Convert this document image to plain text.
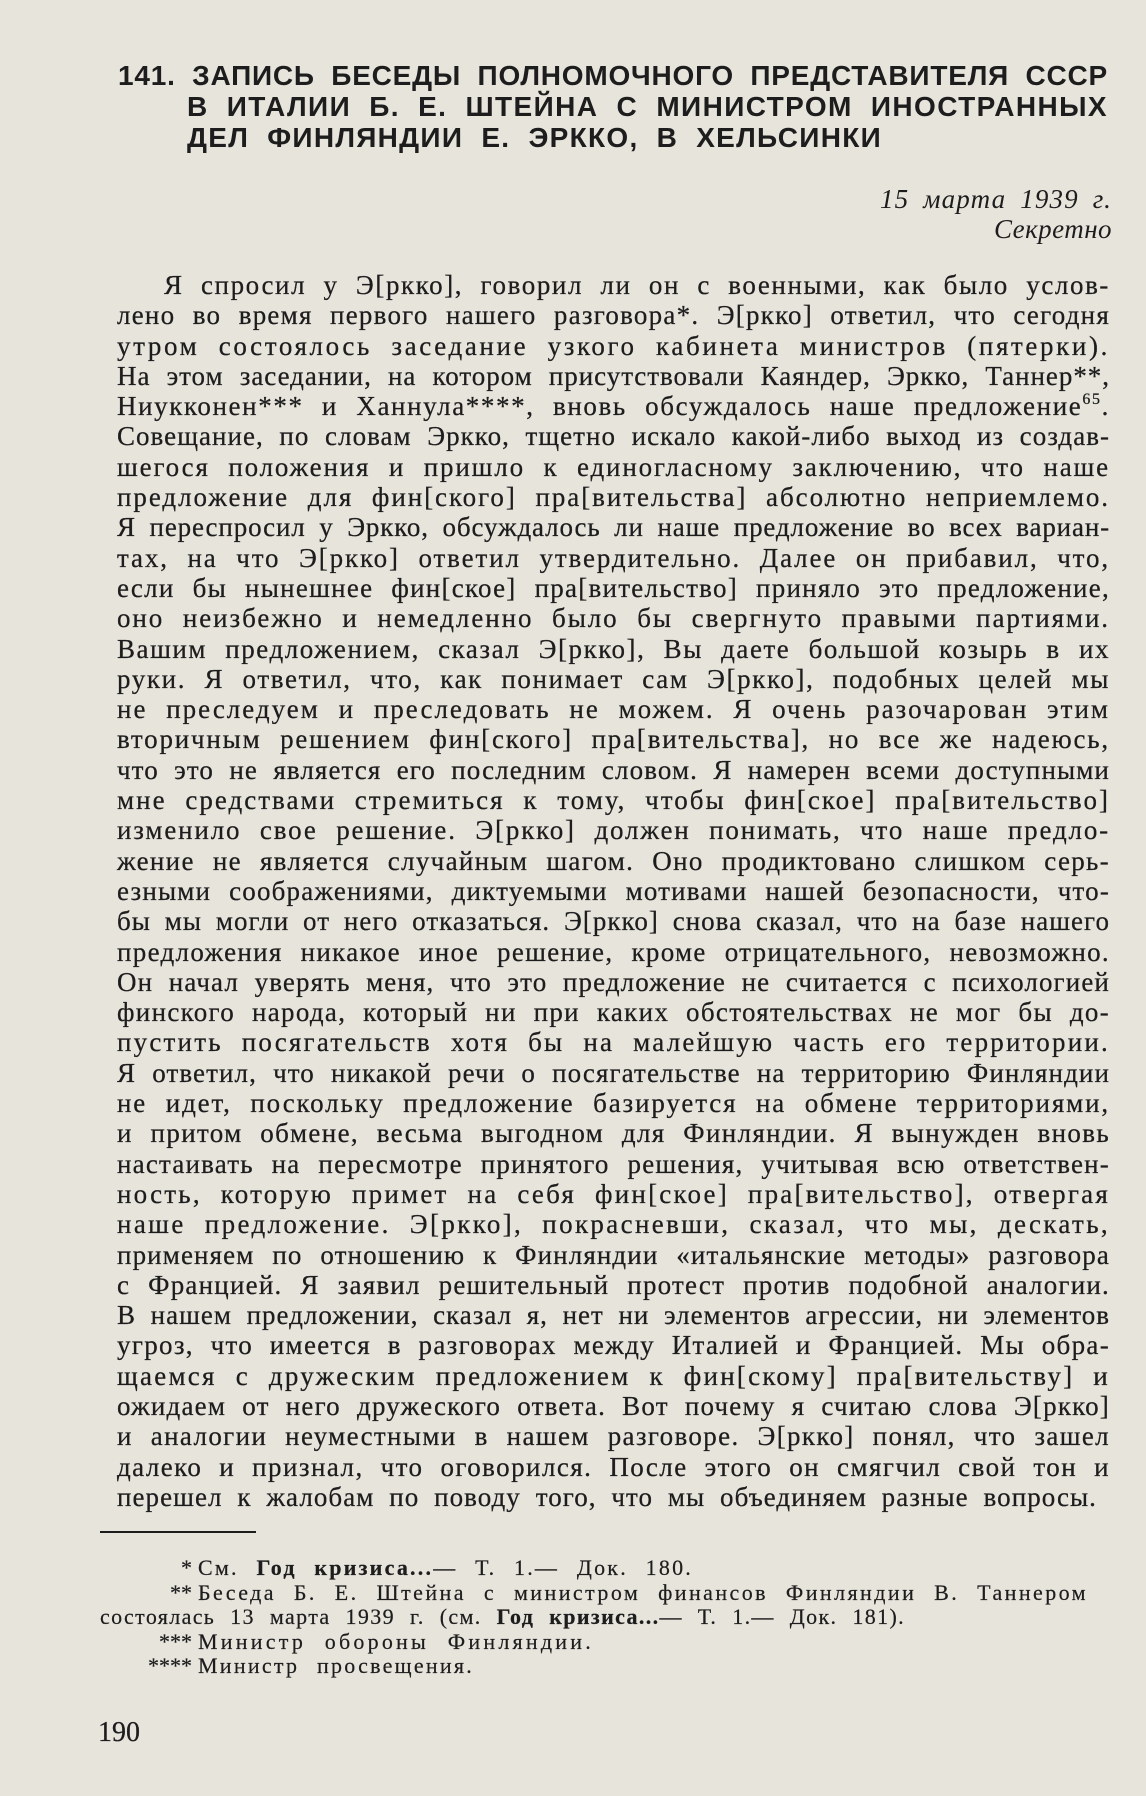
141. ЗАПИСЬ БЕСЕДЫ ПОЛНОМОЧНОГО ПРЕДСТАВИТЕЛЯ СССР
В ИТАЛИИ Б. Е. ШТЕЙНА С МИНИСТРОМ ИНОСТРАННЫХ
ДЕЛ ФИНЛЯНДИИ Е. ЭРККО, В ХЕЛЬСИНКИ
15 марта 1939 г.
Секретно
Я спросил у Э[ркко], говорил ли он с военными, как было услов-
лено во время первого нашего разговора*. Э[ркко] ответил, что сегодня
утром состоялось заседание узкого кабинета министров (пятерки).
На этом заседании, на котором присутствовали Каяндер, Эркко, Таннер**,
Ниукконен*** и Ханнула****, вновь обсуждалось наше предложение$^{65}$.
Совещание, по словам Эркко, тщетно искало какой-либо выход из создав-
шегося положения и пришло к единогласному заключению, что наше
предложение для фин[ского] пра[вительства] абсолютно неприемлемо.
Я переспросил у Эркко, обсуждалось ли наше предложение во всех вариан-
тах, на что Э[ркко] ответил утвердительно. Далее он прибавил, что,
если бы нынешнее фин[ское] пра[вительство] приняло это предложение,
оно неизбежно и немедленно было бы свергнуто правыми партиями.
Вашим предложением, сказал Э[ркко], Вы даете большой козырь в их
руки. Я ответил, что, как понимает сам Э[ркко], подобных целей мы
не преследуем и преследовать не можем. Я очень разочарован этим
вторичным решением фин[ского] пра[вительства], но все же надеюсь,
что это не является его последним словом. Я намерен всеми доступными
мне средствами стремиться к тому, чтобы фин[ское] пра[вительство]
изменило свое решение. Э[ркко] должен понимать, что наше предло-
жение не является случайным шагом. Оно продиктовано слишком серь-
езными соображениями, диктуемыми мотивами нашей безопасности, что-
бы мы могли от него отказаться. Э[ркко] снова сказал, что на базе нашего
предложения никакое иное решение, кроме отрицательного, невозможно.
Он начал уверять меня, что это предложение не считается с психологией
финского народа, который ни при каких обстоятельствах не мог бы до-
пустить посягательств хотя бы на малейшую часть его территории.
Я ответил, что никакой речи о посягательстве на территорию Финляндии
не идет, поскольку предложение базируется на обмене территориями,
и притом обмене, весьма выгодном для Финляндии. Я вынужден вновь
настаивать на пересмотре принятого решения, учитывая всю ответствен-
ность, которую примет на себя фин[ское] пра[вительство], отвергая
наше предложение. Э[ркко], покрасневши, сказал, что мы, дескать,
применяем по отношению к Финляндии «итальянские методы» разговора
с Францией. Я заявил решительный протест против подобной аналогии.
В нашем предложении, сказал я, нет ни элементов агрессии, ни элементов
угроз, что имеется в разговорах между Италией и Францией. Мы обра-
щаемся с дружеским предложением к фин[скому] пра[вительству] и
ожидаем от него дружеского ответа. Вот почему я считаю слова Э[ркко]
и аналогии неуместными в нашем разговоре. Э[ркко] понял, что зашел
далеко и признал, что оговорился. После этого он смягчил свой тон и
перешел к жалобам по поводу того, что мы объединяем разные вопросы.
* См. Год кризиса...— Т. 1.— Док. 180.
** Беседа Б. Е. Штейна с министром финансов Финляндии В. Таннером
состоялась 13 марта 1939 г. (см. Год кризиса...— Т. 1.— Док. 181).
*** Министр обороны Финляндии.
**** Министр просвещения.
190
